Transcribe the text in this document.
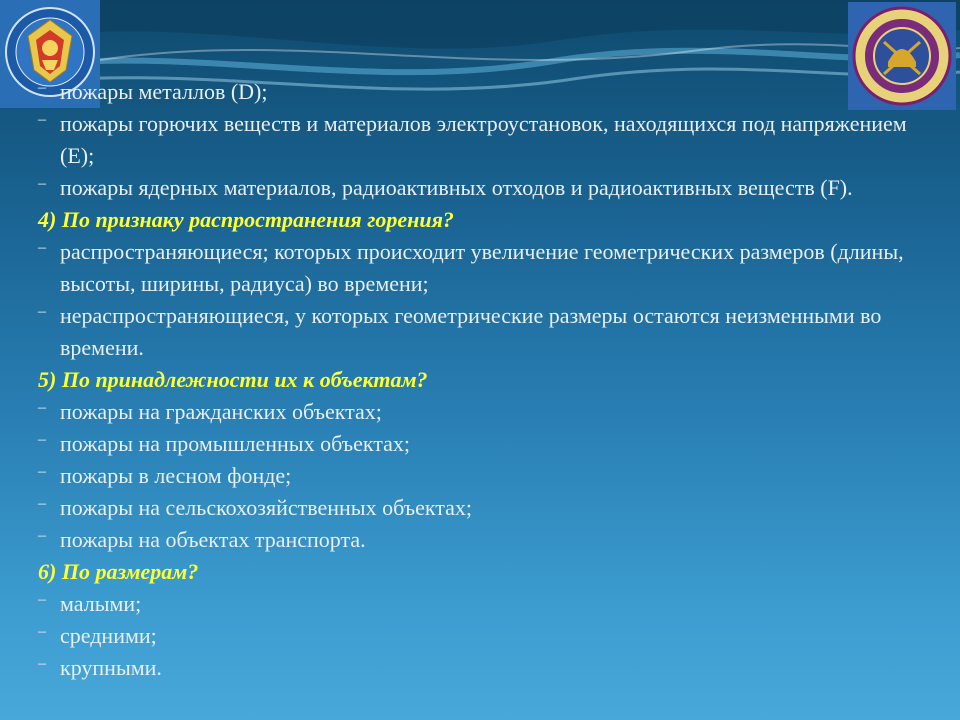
– пожары металлов (D);
– пожары горючих веществ и материалов электроустановок, находящихся под напряжением (E);
– пожары ядерных материалов, радиоактивных отходов и радиоактивных веществ (F).
4) По признаку распространения горения?
– распространяющиеся; которых происходит увеличение геометрических размеров (длины, высоты, ширины, радиуса) во времени;
– нераспространяющиеся, у которых геометрические размеры остаются неизменными во времени.
5) По принадлежности их к объектам?
– пожары на гражданских объектах;
– пожары на промышленных объектах;
– пожары в лесном фонде;
– пожары на сельскохозяйственных объектах;
– пожары на объектах транспорта.
6) По размерам?
– малыми;
– средними;
– крупными.
